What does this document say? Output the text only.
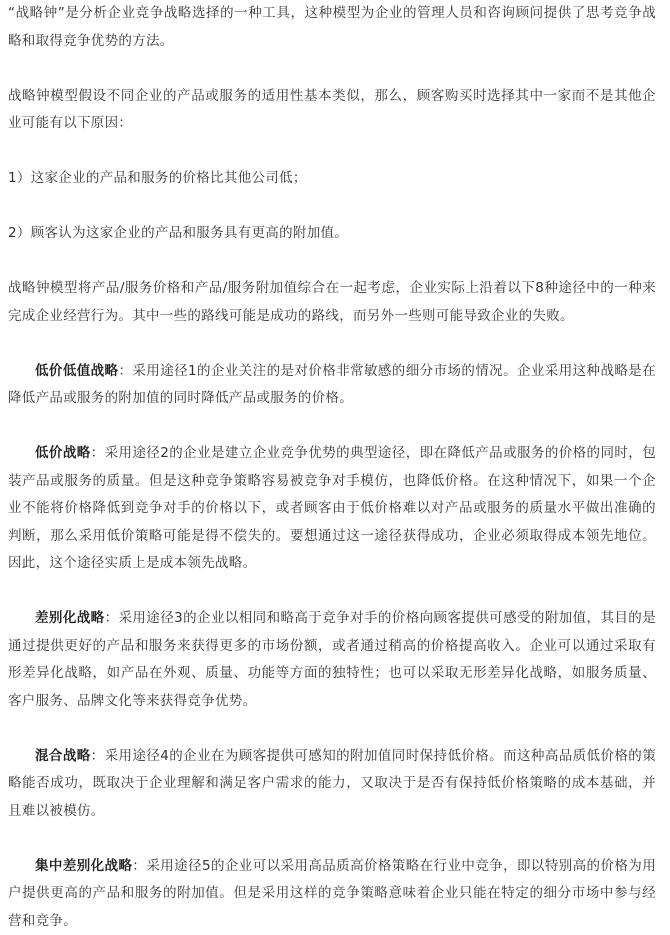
“战略钟”是分析企业竞争战略选择的一种工具，这种模型为企业的管理人员和咨询顾问提供了思考竞争战略和取得竞争优势的方法。

战略钟模型假设不同企业的产品或服务的适用性基本类似，那么，顾客购买时选择其中一家而不是其他企业可能有以下原因：

1）这家企业的产品和服务的价格比其他公司低；

2）顾客认为这家企业的产品和服务具有更高的附加值。

战略钟模型将产品/服务价格和产品/服务附加值综合在一起考虑，企业实际上沿着以下8种途径中的一种来完成企业经营行为。其中一些的路线可能是成功的路线，而另外一些则可能导致企业的失败。

低价低值战略：采用途径1的企业关注的是对价格非常敏感的细分市场的情况。企业采用这种战略是在降低产品或服务的附加值的同时降低产品或服务的价格。

低价战略：采用途径2的企业是建立企业竞争优势的典型途径，即在降低产品或服务的价格的同时，包装产品或服务的质量。但是这种竞争策略容易被竞争对手模仿，也降低价格。在这种情况下，如果一个企业不能将价格降低到竞争对手的价格以下，或者顾客由于低价格难以对产品或服务的质量水平做出准确的判断，那么采用低价策略可能是得不偿失的。要想通过这一途径获得成功，企业必须取得成本领先地位。因此，这个途径实质上是成本领先战略。

差别化战略：采用途径3的企业以相同和略高于竞争对手的价格向顾客提供可感受的附加值，其目的是通过提供更好的产品和服务来获得更多的市场份额，或者通过稍高的价格提高收入。企业可以通过采取有形差异化战略，如产品在外观、质量、功能等方面的独特性；也可以采取无形差异化战略，如服务质量、客户服务、品牌文化等来获得竞争优势。

混合战略：采用途径4的企业在为顾客提供可感知的附加值同时保持低价格。而这种高品质低价格的策略能否成功，既取决于企业理解和满足客户需求的能力，又取决于是否有保持低价格策略的成本基础，并且难以被模仿。

集中差别化战略：采用途径5的企业可以采用高品质高价格策略在行业中竞争，即以特别高的价格为用户提供更高的产品和服务的附加值。但是采用这样的竞争策略意味着企业只能在特定的细分市场中参与经营和竞争。
